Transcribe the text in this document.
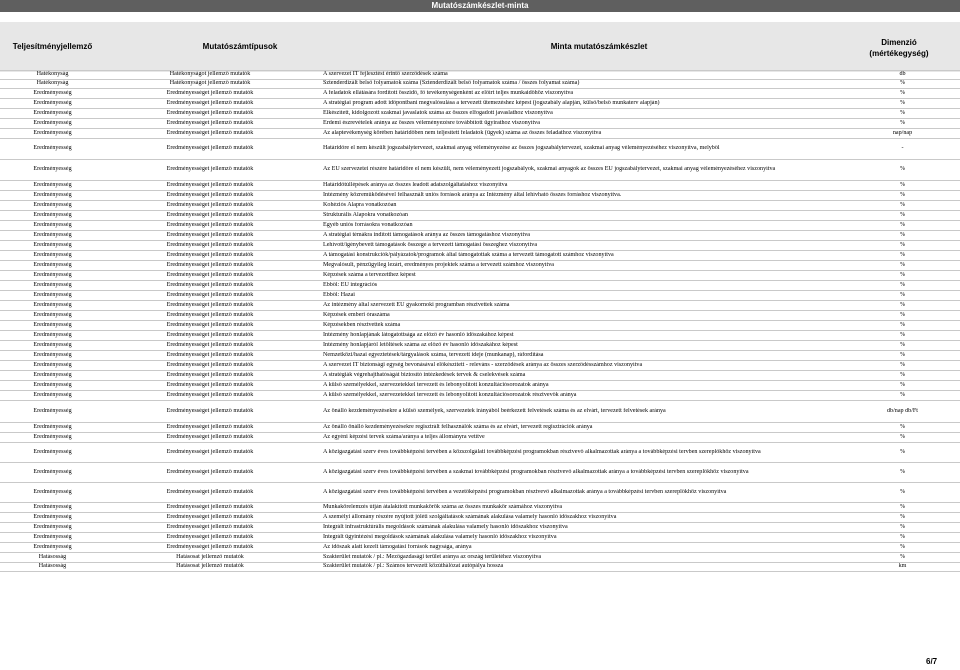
Mutatószámkészlet-minta
Teljesítményjellemző	Mutatószámtípusok	Minta mutatószámkészlet	Dimenzió
(mértékegység)
Hatékonyság	Hatékonyságot jellemző mutatók	A szervezet IT fejlesztést érintő szerződések száma	db
Hatékonyság	Hatékonyságot jellemző mutatók	Sztenderdizált belső folyamatok száma (Sztenderdizált belső folyamatok száma / összes folyamat száma)	%
Eredményesség	Eredményességet jellemző mutatók	A feladatok ellátására fordított összidő, fő tevékenységenként az előírt teljes munkaidőhöz viszonyítva	%
Eredményesség	Eredményességet jellemző mutatók	A stratégiai program adott időpontbani megvalósulása a tervezett ütemezéshez képest (jogszabály alapján, külső/belső munkaterv alapján)	%
Eredményesség	Eredményességet jellemző mutatók	Elkészített, kidolgozott szakmai javaslatok száma az összes elfogadott javaslathoz viszonyítva	%
Eredményesség	Eredményességet jellemző mutatók	Érdemi észrevételek aránya az összes véleményezésre továbbított ügyirathoz viszonyítva	%
Eredményesség	Eredményességet jellemző mutatók	Az alaptevékenység körében határidőben nem teljesített feladatok (ügyek) száma az összes feladathoz viszonyítva	nap/nap
Eredményesség	Eredményességet jellemző mutatók	Határidőre el nem készült jogszabálytervezet, szakmai anyag véleményezése az összes jogszabálytervezet, szakmai anyag véleményezéséhez viszonyítva, melyből	-
Eredményesség	Eredményességet jellemző mutatók	Az EU szervezetei részére határidőre el nem készült, nem véleményezett jogszabályok, szakmai anyagok az összes EU jogszabálytervezet, szakmai anyag véleményezéséhez viszonyítva	%
Eredményesség	Eredményességet jellemző mutatók	Határidőtúllépések aránya az összes leadott adatszolgáltatáshoz viszonyítva	%
Eredményesség	Eredményességet jellemző mutatók	Intézmény közreműködésével felhasznált uniós források aránya az Intézmény által lehívható összes forráshoz viszonyítva.	%
Eredményesség	Eredményességet jellemző mutatók	Kohéziós Alapra vonatkozóan	%
Eredményesség	Eredményességet jellemző mutatók	Strukturális Alapokra vonatkozóan	%
Eredményesség	Eredményességet jellemző mutatók	Egyéb uniós forrásokra vonatkozóan	%
Eredményesség	Eredményességet jellemző mutatók	A stratégiai témákra indított támogatások aránya az összes támogatáshoz viszonyítva	%
Eredményesség	Eredményességet jellemző mutatók	Lehívott/igénybevett támogatások összege a tervezett támogatási összeghez viszonyítva	%
Eredményesség	Eredményességet jellemző mutatók	A támogatási konstrukciók/pályázatok/programok által támogatottak száma a tervezett támogatott számhoz viszonyítva	%
Eredményesség	Eredményességet jellemző mutatók	Megvalósult, pénzügyileg lezárt, eredményes projektek száma a tervezett számhoz viszonyítva	%
Eredményesség	Eredményességet jellemző mutatók	Képzések száma a tervezetthez képest	%
Eredményesség	Eredményességet jellemző mutatók	Ebből: EU integrációs	%
Eredményesség	Eredményességet jellemző mutatók	Ebből: Hazai	%
Eredményesség	Eredményességet jellemző mutatók	Az intézmény által szervezett EU gyakornoki programban résztvettek száma	%
Eredményesség	Eredményességet jellemző mutatók	Képzések emberi óraszáma	%
Eredményesség	Eredményességet jellemző mutatók	Képzésekben résztvettek száma	%
Eredményesség	Eredményességet jellemző mutatók	Intézmény honlapjának látogatottsága az előző év hasonló időszakához képest	%
Eredményesség	Eredményességet jellemző mutatók	Intézmény honlapjáról letöltések száma az előző év hasonló időszakához képest	%
Eredményesség	Eredményességet jellemző mutatók	Nemzetközi/hazai egyeztetések/tárgyalások száma, tervezett ideje (munkanap), ráfordítása	%
Eredményesség	Eredményességet jellemző mutatók	A szervezet IT biztonsági egység bevonásával előkészített - releváns - szerződések aránya az összes szerződésszámhoz viszonyítva	%
Eredményesség	Eredményességet jellemző mutatók	A stratégiák végrehajthatóságát biztosító intézkedések tervek & cselekvések száma	%
Eredményesség	Eredményességet jellemző mutatók	A külső személyekkel, szervezetekkel tervezett és lebonyolított konzultációsorozatok aránya	%
Eredményesség	Eredményességet jellemző mutatók	A külső személyekkel, szervezetekkel tervezett és lebonyolított konzultációsorozatok résztvevők aránya	%
Eredményesség	Eredményességet jellemző mutatók	Az önálló kezdeményezésekre a külső személyek, szervezetek irányából beérkezett felvetések száma és az elvárt, tervezett felvetések aránya	db/nap db/Ft
Eredményesség	Eredményességet jellemző mutatók	Az önálló önálló kezdeményezésekre regisztrált felhasználók száma és az elvárt, tervezett regisztrációk aránya	%
Eredményesség	Eredményességet jellemző mutatók	Az egyéni képzési tervek száma/aránya a teljes állományra vetítve	%
Eredményesség	Eredményességet jellemző mutatók	A közigazgatási szerv éves továbbképzési tervében a közszolgálati továbbképzési programokban résztvevő alkalmazottak aránya a továbbképzési tervben szereplőkhöz viszonyítva	%
Eredményesség	Eredményességet jellemző mutatók	A közigazgatási szerv éves továbbképzési tervében a szakmai továbbképzési programokban résztvevő alkalmazottak aránya a továbbképzési tervben szereplőkhöz viszonyítva	%
Eredményesség	Eredményességet jellemző mutatók	A közigazgatási szerv éves továbbképzési tervében a vezetőképzési programokban résztvevő alkalmazottak aránya a továbbképzési tervben szereplőkhöz viszonyítva	%
Eredményesség	Eredményességet jellemző mutatók	Munkakörelemzés útján átalakított munkakörök száma az összes munkakör számához viszonyítva	%
Eredményesség	Eredményességet jellemző mutatók	A személyi állomány részére nyújtott jóléti szolgáltatások számának alakulása valamely hasonló időszakhoz viszonyítva	%
Eredményesség	Eredményességet jellemző mutatók	Integrált infrastruktúrális megoldások számának alakulása valamely hasonló időszakhoz viszonyítva	%
Eredményesség	Eredményességet jellemző mutatók	Integrált ügyintézési megoldások számának alakulása valamely hasonló időszakhoz viszonyítva	%
Eredményesség	Eredményességet jellemző mutatók	Az időszak alatt kezelt támogatási források nagysága, aránya	%
Hatásosság	Hatásosat jellemző mutatók	Szakterület mutatók / pl.: Mezőgazdasági terület aránya az ország területéhez viszonyítva	%
Hatásosság	Hatásosat jellemző mutatók	Szakterület mutatók / pl.: Számos tervezett közúthálózat autópálya hossza	km
6/7
